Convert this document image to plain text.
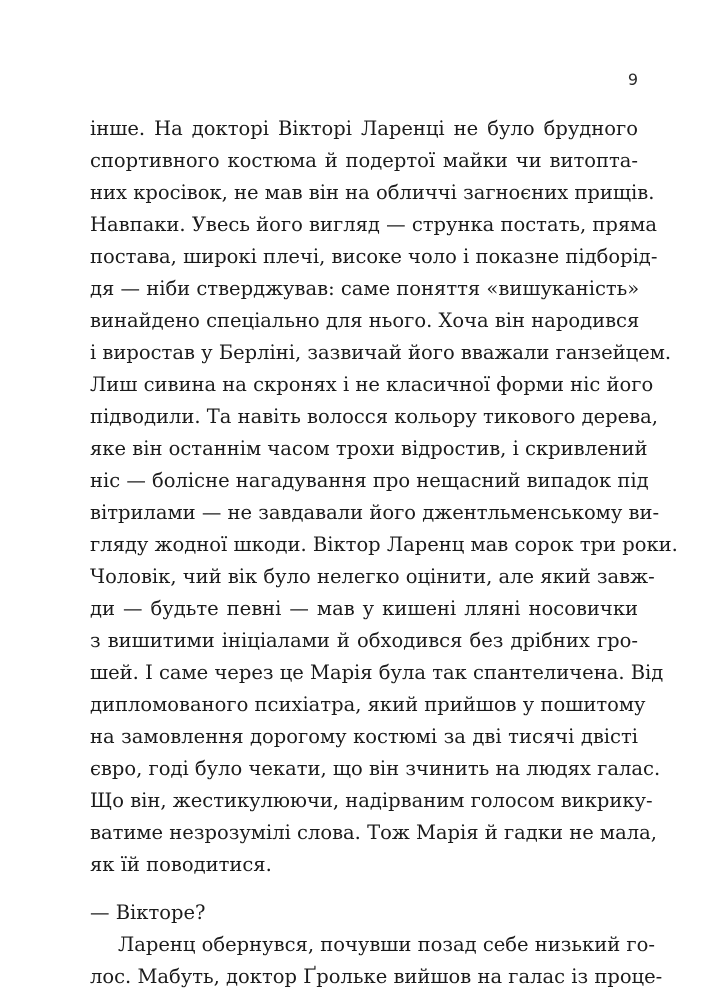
9
інше. На докторі Вікторі Ларенці не було брудного
спортивного костюма й подертої майки чи витопта-
них кросівок, не мав він на обличчі загноєних прищів.
Навпаки. Увесь його вигляд — струнка постать, пряма
постава, широкі плечі, високе чоло і показне підборід-
дя — ніби стверджував: саме поняття «вишуканість»
винайдено спеціально для нього. Хоча він народився
і виростав у Берліні, зазвичай його вважали ганзейцем.
Лиш сивина на скронях і не класичної форми ніс його
підводили. Та навіть волосся кольору тикового дерева,
яке він останнім часом трохи відростив, і скривлений
ніс — болісне нагадування про нещасний випадок під
вітрилами — не завдавали його джентльменському ви-
гляду жодної шкоди. Віктор Ларенц мав сорок три роки.
Чоловік, чий вік було нелегко оцінити, але який завж-
ди — будьте певні — мав у кишені лляні носовички
з вишитими ініціалами й обходився без дрібних гро-
шей. І саме через це Марія була так спантеличена. Від
дипломованого психіатра, який прийшов у пошитому
на замовлення дорогому костюмі за дві тисячі двісті
євро, годі було чекати, що він зчинить на людях галас.
Що він, жестикулюючи, надірваним голосом викрику-
ватиме незрозумілі слова. Тож Марія й гадки не мала,
як їй поводитися.
— Вікторе?
Ларенц обернувся, почувши позад себе низький го-
лос. Мабуть, доктор Ґрольке вийшов на галас із проце-
